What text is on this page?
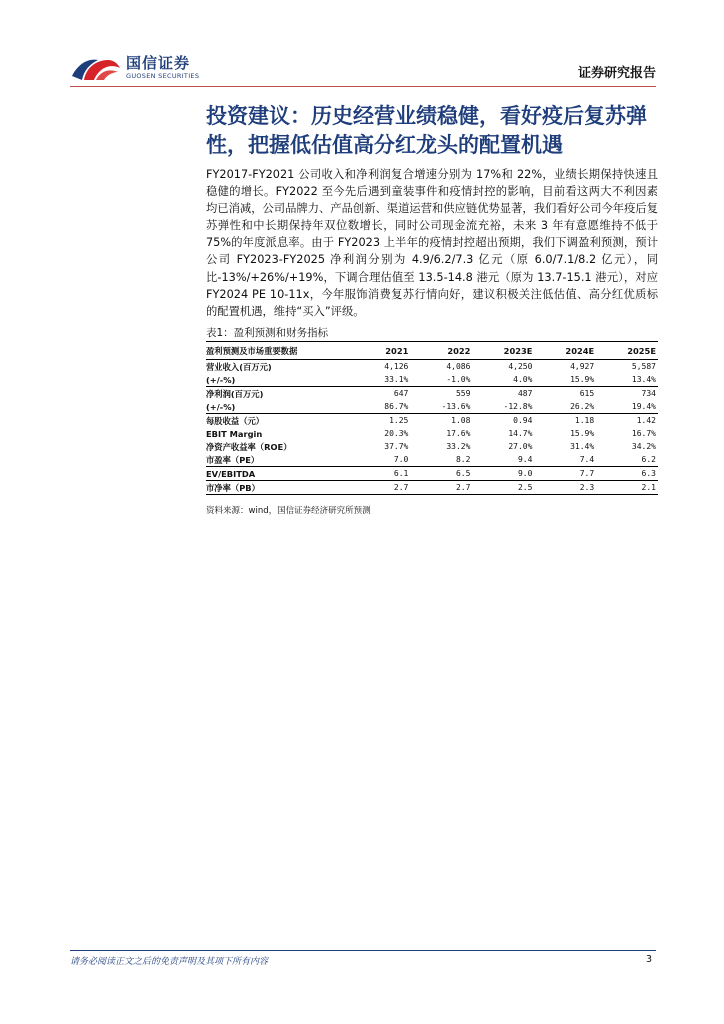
国信证券
GUOSEN SECURITIES	证券研究报告
投资建议：历史经营业绩稳健，看好疫后复苏弹
性，把握低估值高分红龙头的配置机遇
FY2017-FY2021 公司收入和净利润复合增速分别为 17%和 22%，业绩长期保持快速且稳健的增长。FY2022 至今先后遇到童装事件和疫情封控的影响，目前看这两大不利因素均已消减，公司品牌力、产品创新、渠道运营和供应链优势显著，我们看好公司今年疫后复苏弹性和中长期保持年双位数增长，同时公司现金流充裕，未来 3 年有意愿维持不低于 75%的年度派息率。由于 FY2023 上半年的疫情封控超出预期，我们下调盈利预测，预计公司 FY2023-FY2025 净利润分别为 4.9/6.2/7.3 亿元（原 6.0/7.1/8.2 亿元），同比-13%/+26%/+19%，下调合理估值至 13.5-14.8 港元（原为 13.7-15.1 港元），对应 FY2024 PE 10-11x，今年服饰消费复苏行情向好，建议积极关注低估值、高分红优质标的配置机遇，维持“买入”评级。
表1：盈利预测和财务指标
盈利预测及市场重要数据	2021	2022	2023E	2024E	2025E
营业收入(百万元)	4,126	4,086	4,250	4,927	5,587
(+/-%)	33.1%	-1.0%	4.0%	15.9%	13.4%
净利润(百万元)	647	559	487	615	734
(+/-%)	86.7%	-13.6%	-12.8%	26.2%	19.4%
每股收益（元）	1.25	1.08	0.94	1.18	1.42
EBIT Margin	20.3%	17.6%	14.7%	15.9%	16.7%
净资产收益率（ROE）	37.7%	33.2%	27.0%	31.4%	34.2%
市盈率（PE）	7.0	8.2	9.4	7.4	6.2
EV/EBITDA	6.1	6.5	9.0	7.7	6.3
市净率（PB）	2.7	2.7	2.5	2.3	2.1
资料来源：wind，国信证券经济研究所预测
请务必阅读正文之后的免责声明及其项下所有内容	3
